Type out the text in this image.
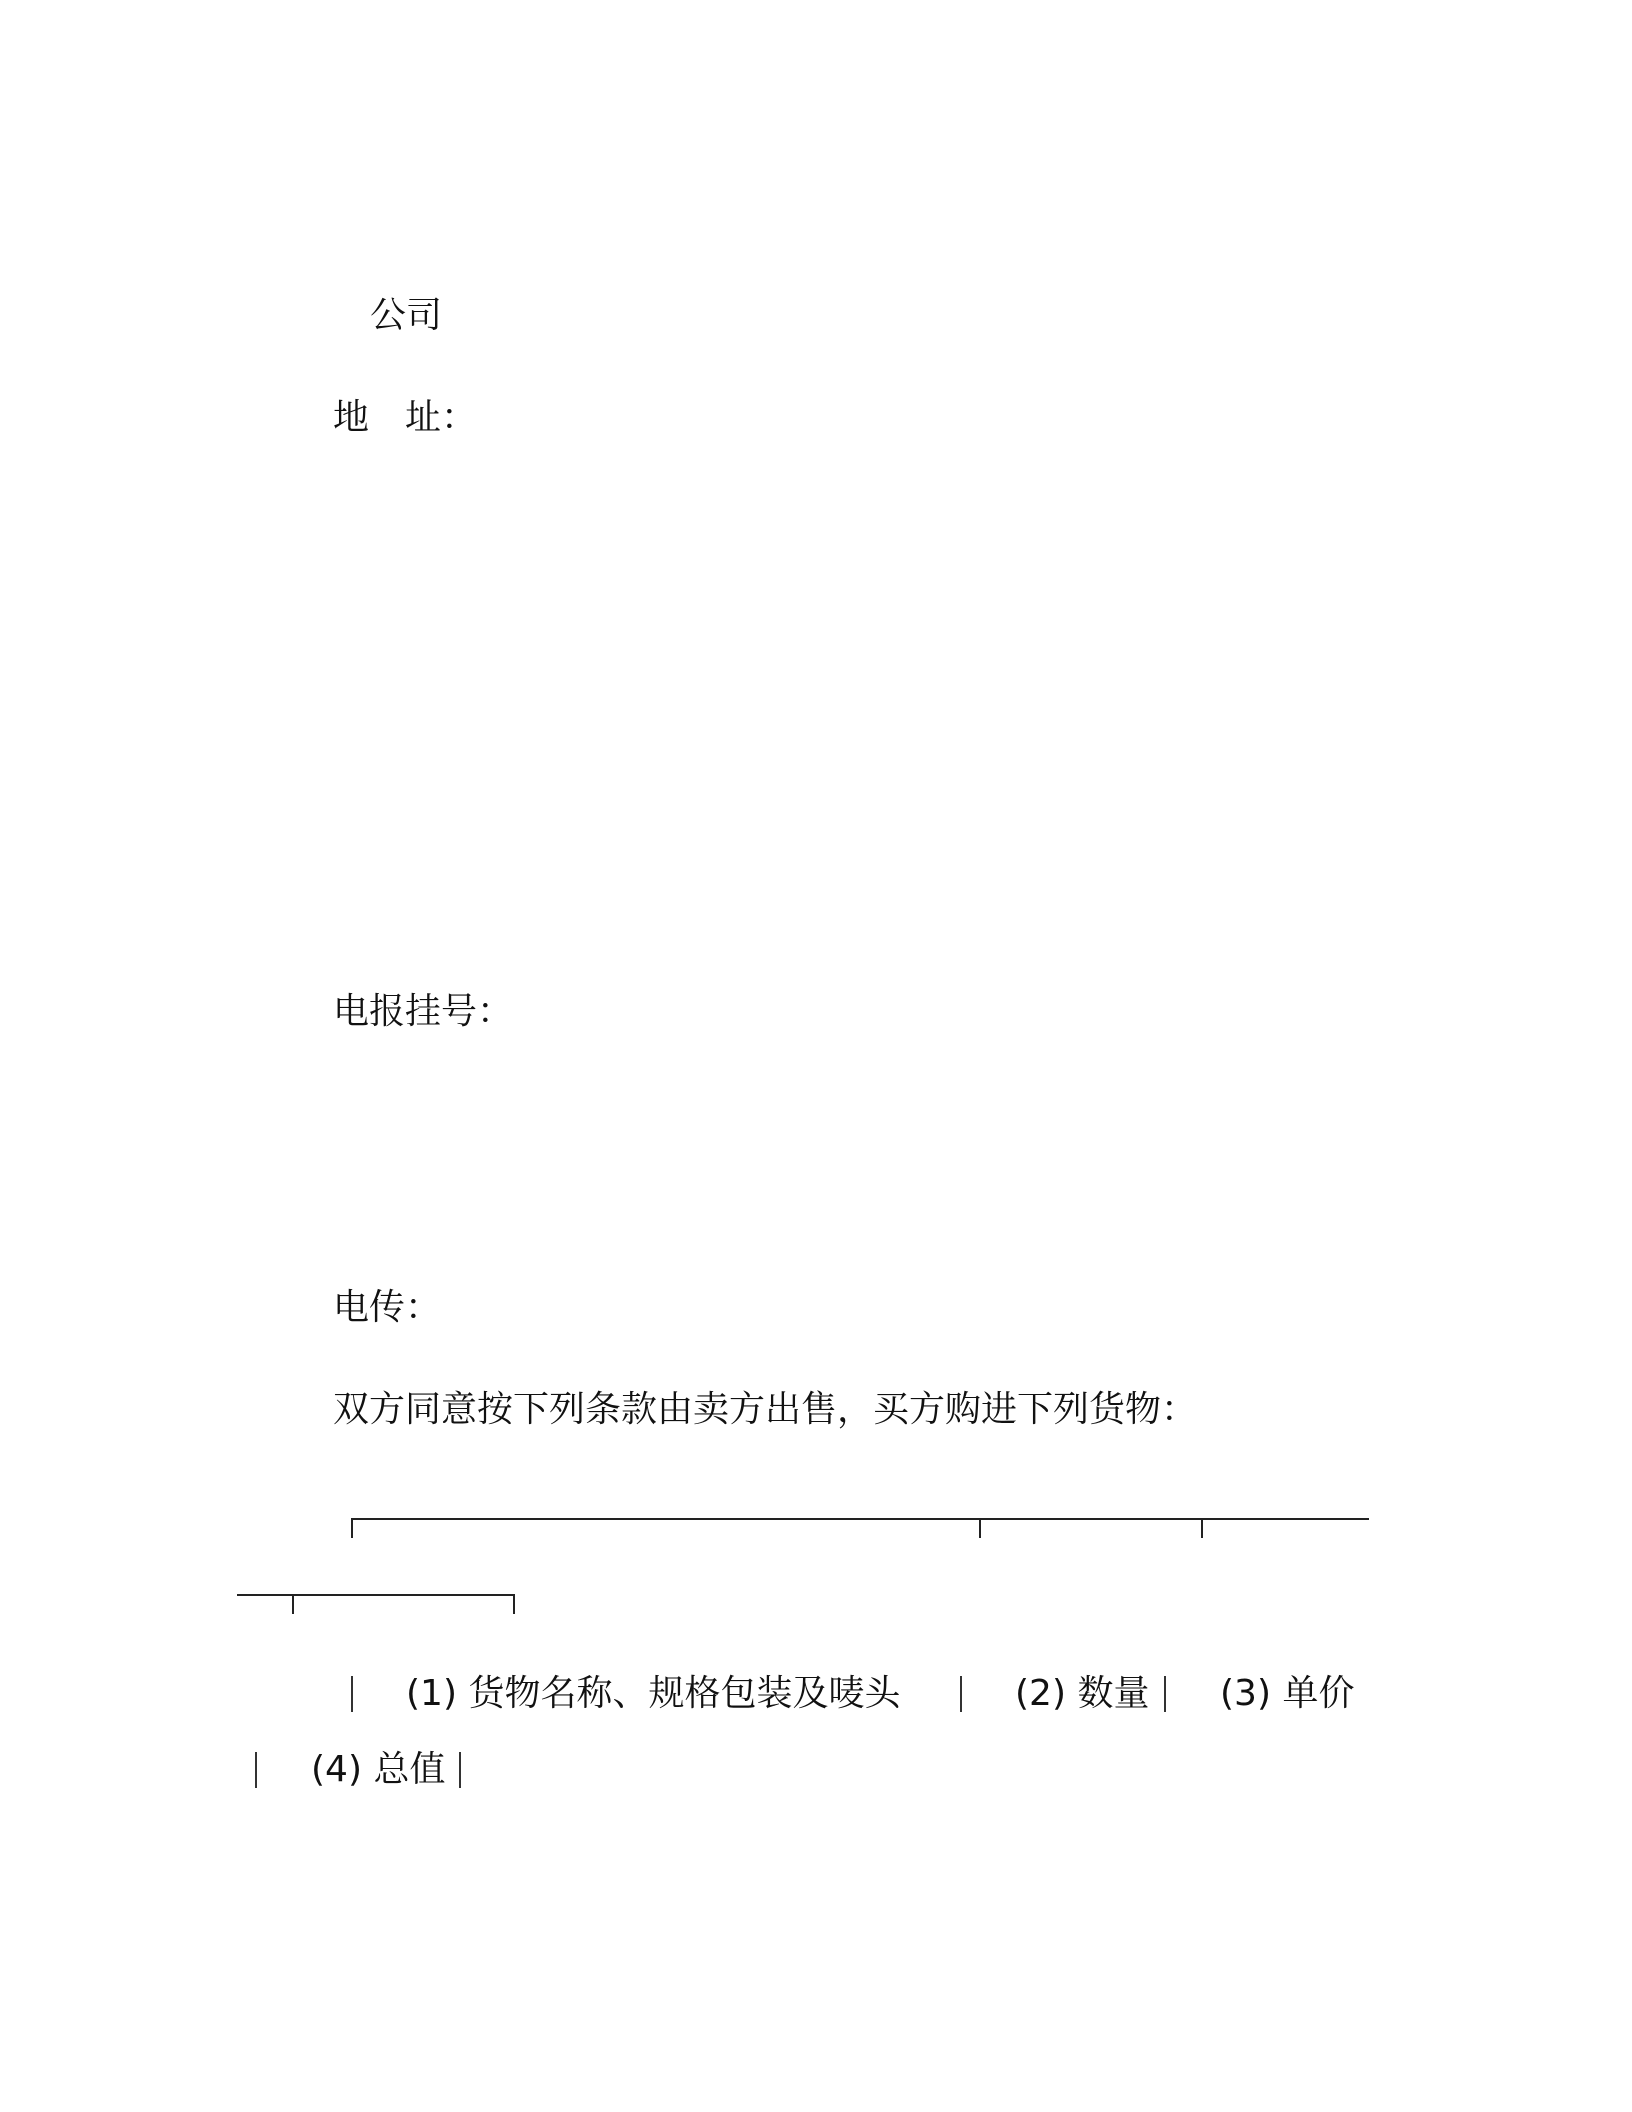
公司
地　址：
电报挂号：
电传：
双方同意按下列条款由卖方出售，买方购进下列货物：
(1) 货物名称、规格包装及唛头	(2) 数量 (3) 单价
(4) 总值
